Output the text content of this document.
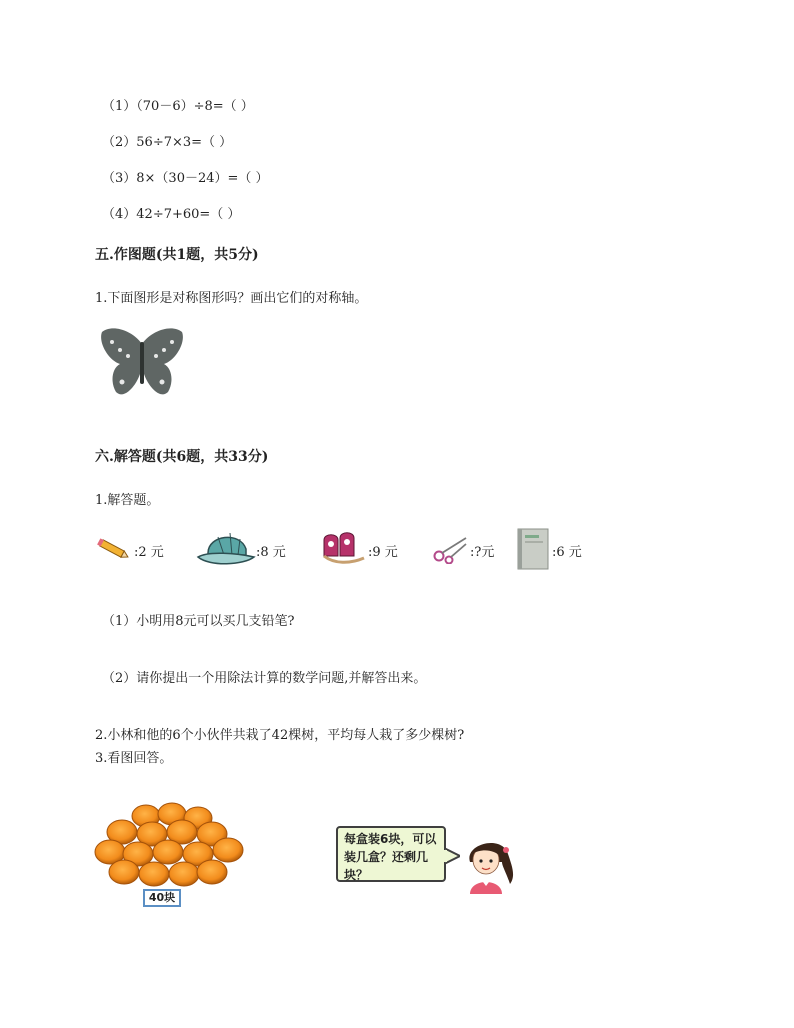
（1）（70－6）÷8=（ ）
（2）56÷7×3=（ ）
（3）8×（30－24）=（ ）
（4）42÷7+60=（ ）
五.作图题(共1题，共5分)
1.下面图形是对称图形吗？画出它们的对称轴。
六.解答题(共6题，共33分)
1.解答题。
:2 元	:8 元	:9 元	:?元	:6 元
（1）小明用8元可以买几支铅笔?
（2）请你提出一个用除法计算的数学问题,并解答出来。
2.小林和他的6个小伙伴共栽了42棵树，平均每人栽了多少棵树?
3.看图回答。
40块
每盒装6块，可以装几盒？还剩几块？
